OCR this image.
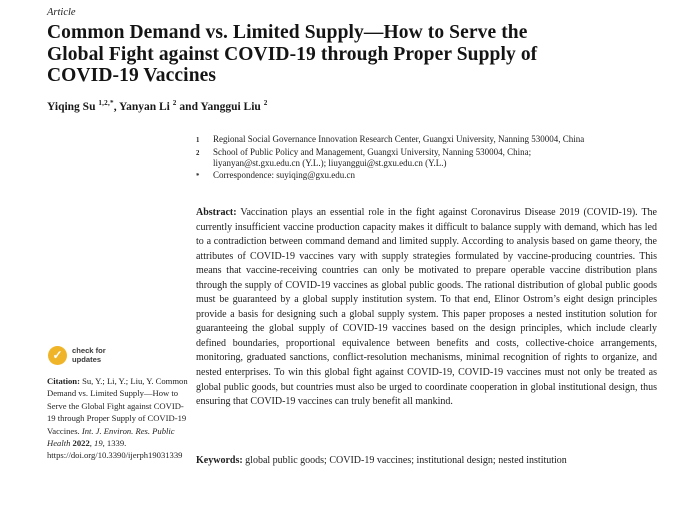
Article
Common Demand vs. Limited Supply—How to Serve the
Global Fight against COVID-19 through Proper Supply of
COVID-19 Vaccines
Yiqing Su $^{1,2,*}$, Yanyan Li $^2$ and Yanggui Liu $^2$
1	Regional Social Governance Innovation Research Center, Guangxi University, Nanning 530004, China
2	School of Public Policy and Management, Guangxi University, Nanning 530004, China;
liyanyan@st.gxu.edu.cn (Y.L.); liuyanggui@st.gxu.edu.cn (Y.L.)
*	Correspondence: suyiqing@gxu.edu.cn
✓ check for
updates
Citation: Su, Y.; Li, Y.; Liu, Y. Common Demand vs. Limited Supply—How to Serve the Global Fight against COVID-19 through Proper Supply of COVID-19 Vaccines. Int. J. Environ. Res. Public Health 2022, 19, 1339. https://doi.org/10.3390/ijerph19031339
Abstract: Vaccination plays an essential role in the fight against Coronavirus Disease 2019 (COVID-19). The currently insufficient vaccine production capacity makes it difficult to balance supply with demand, which has led to a contradiction between command demand and limited supply. According to analysis based on game theory, the attributes of COVID-19 vaccines vary with supply strategies formulated by vaccine-producing countries. This means that vaccine-receiving countries can only be motivated to prepare operable vaccine distribution plans through the supply of COVID-19 vaccines as global public goods. The rational distribution of global public goods must be guaranteed by a global supply institution system. To that end, Elinor Ostrom’s eight design principles provide a basis for designing such a global supply system. This paper proposes a nested institution solution for guaranteeing the global supply of COVID-19 vaccines based on the design principles, which include clearly defined boundaries, proportional equivalence between benefits and costs, collective-choice arrangements, monitoring, graduated sanctions, conflict-resolution mechanisms, minimal recognition of rights to organize, and nested enterprises. To win this global fight against COVID-19, COVID-19 vaccines must not only be treated as global public goods, but countries must also be urged to coordinate cooperation in global institutional design, thus ensuring that COVID-19 vaccines can truly benefit all mankind.
Keywords: global public goods; COVID-19 vaccines; institutional design; nested institution
